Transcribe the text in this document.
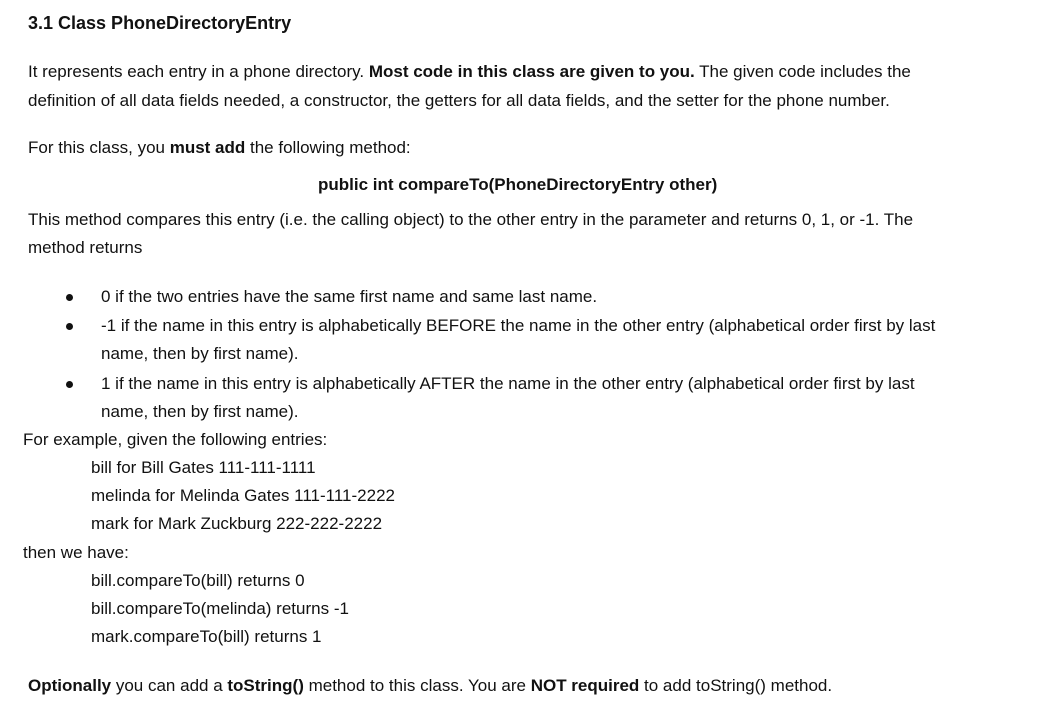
3.1 Class PhoneDirectoryEntry
It represents each entry in a phone directory. Most code in this class are given to you. The given code includes the
definition of all data fields needed, a constructor, the getters for all data fields, and the setter for the phone number.
For this class, you must add the following method:
public int compareTo(PhoneDirectoryEntry other)
This method compares this entry (i.e. the calling object) to the other entry in the parameter and returns 0, 1, or -1. The
method returns
0 if the two entries have the same first name and same last name.
-1 if the name in this entry is alphabetically BEFORE the name in the other entry (alphabetical order first by last
name, then by first name).
1 if the name in this entry is alphabetically AFTER the name in the other entry (alphabetical order first by last
name, then by first name).
For example, given the following entries:
bill for Bill Gates 111-111-1111
melinda for Melinda Gates 111-111-2222
mark for Mark Zuckburg 222-222-2222
then we have:
bill.compareTo(bill) returns 0
bill.compareTo(melinda) returns -1
mark.compareTo(bill) returns 1
Optionally you can add a toString() method to this class. You are NOT required to add toString() method.
